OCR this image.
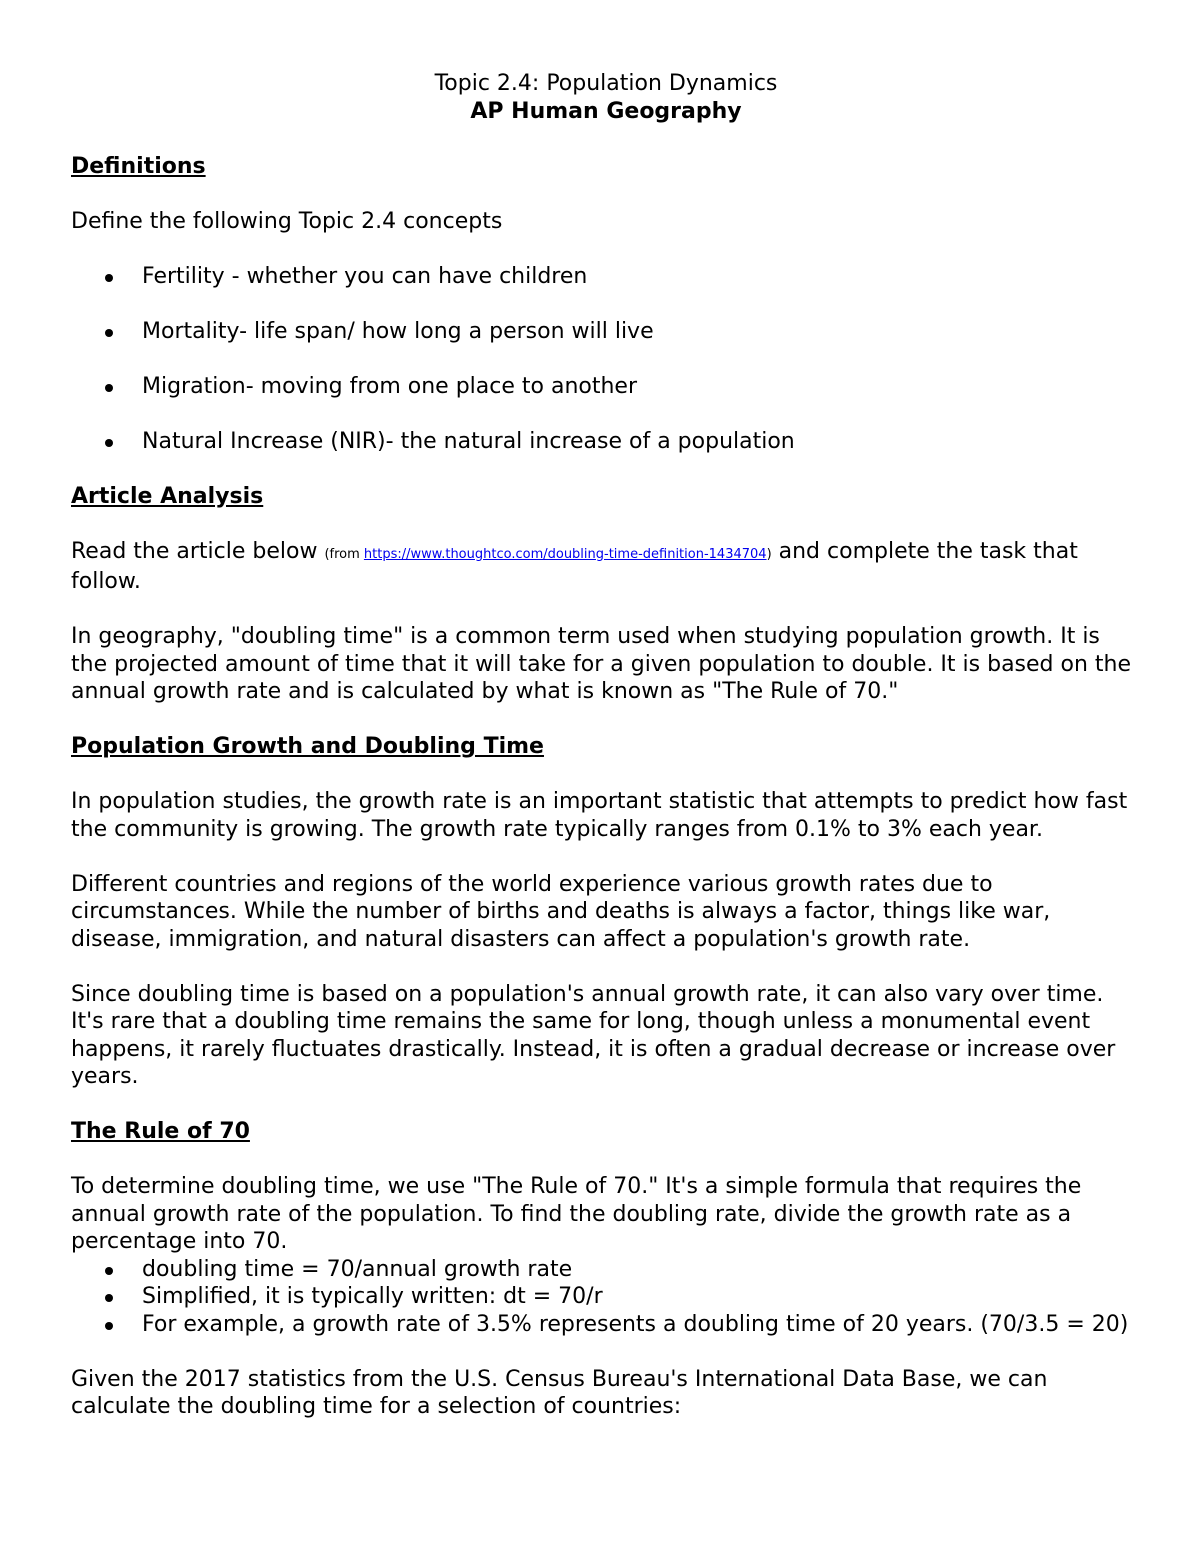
Topic 2.4: Population Dynamics

AP Human Geography

Definitions

Define the following Topic 2.4 concepts

Fertility - whether you can have children
Mortality- life span/ how long a person will live
Migration- moving from one place to another
Natural Increase (NIR)- the natural increase of a population

Article Analysis

Read the article below (from https://www.thoughtco.com/doubling-time-definition-1434704) and complete the task that follow.

In geography, "doubling time" is a common term used when studying population growth. It is the projected amount of time that it will take for a given population to double. It is based on the annual growth rate and is calculated by what is known as "The Rule of 70."

Population Growth and Doubling Time

In population studies, the growth rate is an important statistic that attempts to predict how fast the community is growing. The growth rate typically ranges from 0.1% to 3% each year.

Different countries and regions of the world experience various growth rates due to circumstances. While the number of births and deaths is always a factor, things like war, disease, immigration, and natural disasters can affect a population's growth rate.

Since doubling time is based on a population's annual growth rate, it can also vary over time. It's rare that a doubling time remains the same for long, though unless a monumental event happens, it rarely fluctuates drastically. Instead, it is often a gradual decrease or increase over years.

The Rule of 70

To determine doubling time, we use "The Rule of 70." It's a simple formula that requires the annual growth rate of the population. To find the doubling rate, divide the growth rate as a percentage into 70.

doubling time = 70/annual growth rate
Simplified, it is typically written: dt = 70/r
For example, a growth rate of 3.5% represents a doubling time of 20 years. (70/3.5 = 20)

Given the 2017 statistics from the U.S. Census Bureau's International Data Base, we can calculate the doubling time for a selection of countries:
